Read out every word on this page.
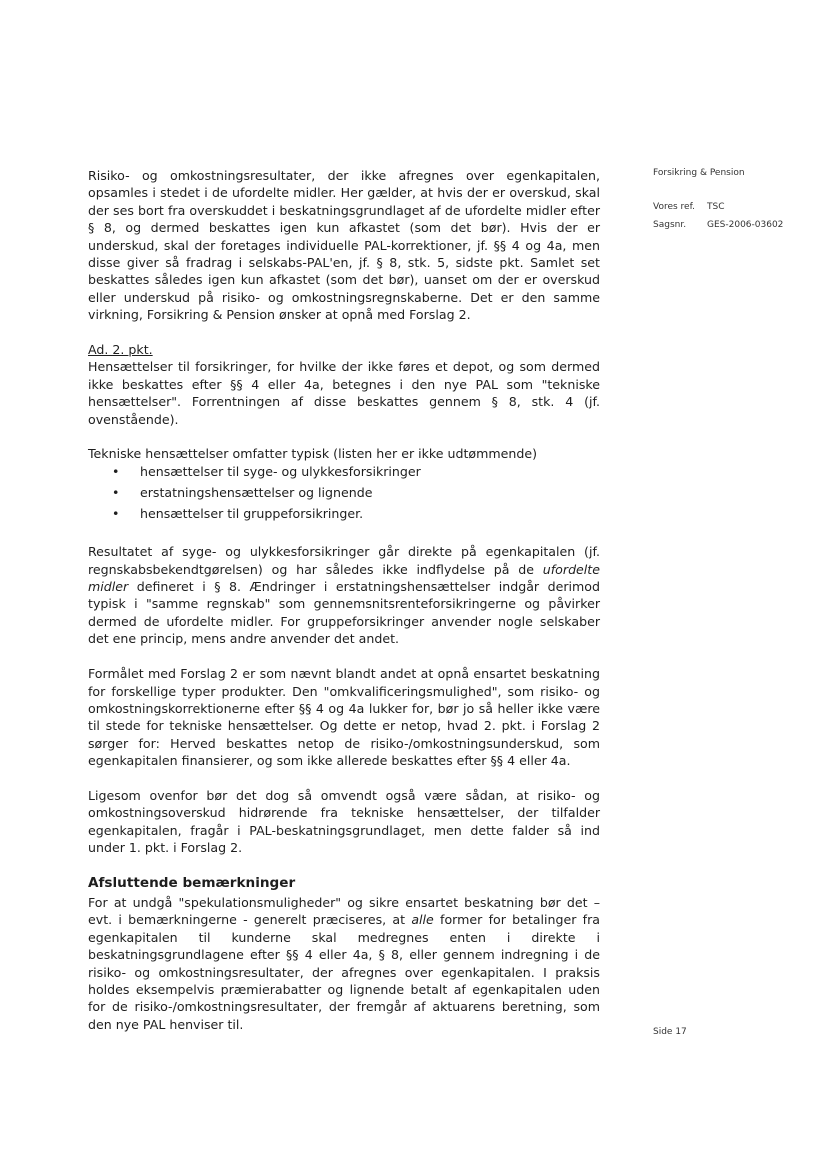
Risiko- og omkostningsresultater, der ikke afregnes over egenkapitalen, opsamles i stedet i de ufordelte midler. Her gælder, at hvis der er overskud, skal der ses bort fra overskuddet i beskatningsgrundlaget af de ufordelte midler efter § 8, og dermed beskattes igen kun afkastet (som det bør). Hvis der er underskud, skal der foretages individuelle PAL-korrektioner, jf. §§ 4 og 4a, men disse giver så fradrag i selskabs-PAL'en, jf. § 8, stk. 5, sidste pkt. Samlet set beskattes således igen kun afkastet (som det bør), uanset om der er overskud eller underskud på risiko- og omkostningsregnskaberne. Det er den samme virkning, Forsikring & Pension ønsker at opnå med Forslag 2.

Ad. 2. pkt.

Hensættelser til forsikringer, for hvilke der ikke føres et depot, og som dermed ikke beskattes efter §§ 4 eller 4a, betegnes i den nye PAL som "tekniske hensættelser". Forrentningen af disse beskattes gennem § 8, stk. 4 (jf. ovenstående).

Tekniske hensættelser omfatter typisk (listen her er ikke udtømmende)

• hensættelser til syge- og ulykkesforsikringer
• erstatningshensættelser og lignende
• hensættelser til gruppeforsikringer.

Resultatet af syge- og ulykkesforsikringer går direkte på egenkapitalen (jf. regnskabsbekendtgørelsen) og har således ikke indflydelse på de ufordelte midler defineret i § 8. Ændringer i erstatningshensættelser indgår derimod typisk i "samme regnskab" som gennemsnitsrenteforsikringerne og påvirker dermed de ufordelte midler. For gruppeforsikringer anvender nogle selskaber det ene princip, mens andre anvender det andet.

Formålet med Forslag 2 er som nævnt blandt andet at opnå ensartet beskatning for forskellige typer produkter. Den "omkvalificeringsmulighed", som risiko- og omkostningskorrektionerne efter §§ 4 og 4a lukker for, bør jo så heller ikke være til stede for tekniske hensættelser. Og dette er netop, hvad 2. pkt. i Forslag 2 sørger for: Herved beskattes netop de risiko-/omkostningsunderskud, som egenkapitalen finansierer, og som ikke allerede beskattes efter §§ 4 eller 4a.

Ligesom ovenfor bør det dog så omvendt også være sådan, at risiko- og omkostningsoverskud hidrørende fra tekniske hensættelser, der tilfalder egenkapitalen, fragår i PAL-beskatningsgrundlaget, men dette falder så ind under 1. pkt. i Forslag 2.

Afsluttende bemærkninger

For at undgå "spekulationsmuligheder" og sikre ensartet beskatning bør det – evt. i bemærkningerne - generelt præciseres, at alle former for betalinger fra egenkapitalen til kunderne skal medregnes enten i direkte i beskatningsgrundlagene efter §§ 4 eller 4a, § 8, eller gennem indregning i de risiko- og omkostningsresultater, der afregnes over egenkapitalen. I praksis holdes eksempelvis præmierabatter og lignende betalt af egenkapitalen uden for de risiko-/omkostningsresultater, der fremgår af aktuarens beretning, som den nye PAL henviser til.

Forsikring & Pension
Vores ref. TSC
Sagsnr. GES-2006-03602
Side 17
